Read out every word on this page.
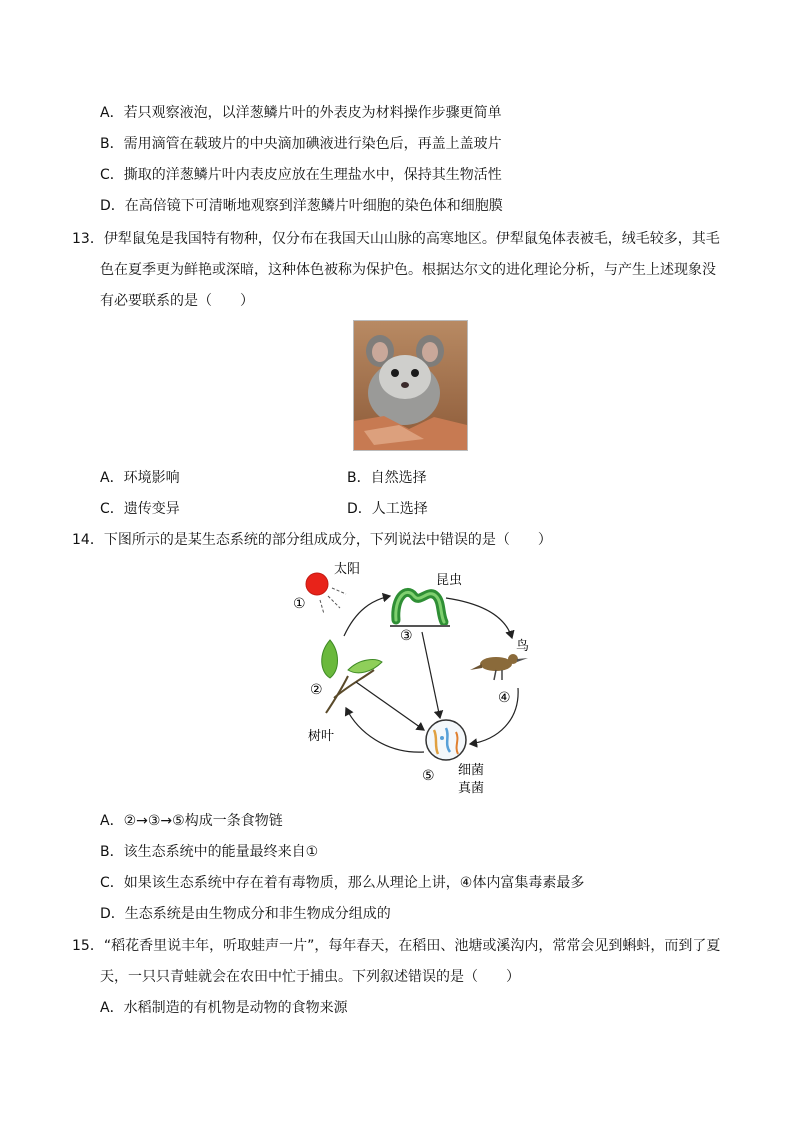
A．若只观察液泡，以洋葱鳞片叶的外表皮为材料操作步骤更简单
B．需用滴管在载玻片的中央滴加碘液进行染色后，再盖上盖玻片
C．撕取的洋葱鳞片叶内表皮应放在生理盐水中，保持其生物活性
D．在高倍镜下可清晰地观察到洋葱鳞片叶细胞的染色体和细胞膜
13．伊犁鼠兔是我国特有物种，仅分布在我国天山山脉的高寒地区。伊犁鼠兔体表被毛，绒毛较多，其毛
色在夏季更为鲜艳或深暗，这种体色被称为保护色。根据达尔文的进化理论分析，与产生上述现象没
有必要联系的是（　　）
A．环境影响	B．自然选择
C．遗传变异	D．人工选择
14．下图所示的是某生态系统的部分组成成分，下列说法中错误的是（　　）
太阳
①
昆虫
③
鸟
④
②
树叶
⑤ 细菌
真菌
A．②→③→⑤构成一条食物链
B．该生态系统中的能量最终来自①
C．如果该生态系统中存在着有毒物质，那么从理论上讲，④体内富集毒素最多
D．生态系统是由生物成分和非生物成分组成的
15．“稻花香里说丰年，听取蛙声一片”，每年春天，在稻田、池塘或溪沟内，常常会见到蝌蚪，而到了夏
天，一只只青蛙就会在农田中忙于捕虫。下列叙述错误的是（　　）
A．水稻制造的有机物是动物的食物来源
